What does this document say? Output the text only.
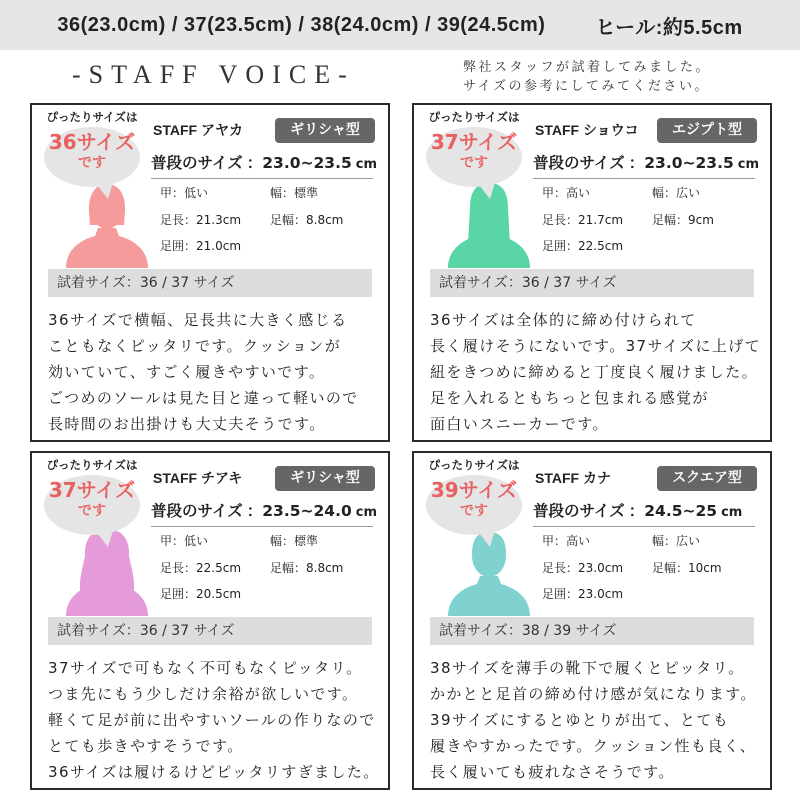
36(23.0cm) / 37(23.5cm) / 38(24.0cm) / 39(24.5cm)	ヒール:約5.5cm
-STAFF VOICE-	弊社スタッフが試着してみました。
サイズの参考にしてみてください。
ぴったりサイズは
36サイズ
です
STAFF アヤカ	ギリシャ型
普段のサイズ ：23.0~23.5 cm
甲：低い	幅：標準
足長：21.3cm 足幅：8.8cm
足囲：21.0cm
試着サイズ：36 / 37 サイズ
36サイズで横幅、足長共に大きく感じる
こともなくピッタリです。クッションが
効いていて、すごく履きやすいです。
ごつめのソールは見た目と違って軽いので
長時間のお出掛けも大丈夫そうです。
ぴったりサイズは
37サイズ
です
STAFF ショウコ	エジプト型
普段のサイズ ：23.0~23.5 cm
甲：高い	幅：広い
足長：21.7cm 足幅：9cm
足囲：22.5cm
試着サイズ：36 / 37 サイズ
36サイズは全体的に締め付けられて
長く履けそうにないです。37サイズに上げて
紐をきつめに締めると丁度良く履けました。
足を入れるともちっと包まれる感覚が
面白いスニーカーです。
ぴったりサイズは
37サイズ
です
STAFF チアキ	ギリシャ型
普段のサイズ ：23.5~24.0 cm
甲：低い	幅：標準
足長：22.5cm 足幅：8.8cm
足囲：20.5cm
試着サイズ：36 / 37 サイズ
37サイズで可もなく不可もなくピッタリ。
つま先にもう少しだけ余裕が欲しいです。
軽くて足が前に出やすいソールの作りなので
とても歩きやすそうです。
36サイズは履けるけどピッタリすぎました。
ぴったりサイズは
39サイズ
です
STAFF カナ	スクエア型
普段のサイズ ：24.5~25 cm
甲：高い	幅：広い
足長：23.0cm 足幅：10cm
足囲：23.0cm
試着サイズ：38 / 39 サイズ
38サイズを薄手の靴下で履くとピッタリ。
かかとと足首の締め付け感が気になります。
39サイズにするとゆとりが出て、とても
履きやすかったです。クッション性も良く、
長く履いても疲れなさそうです。
